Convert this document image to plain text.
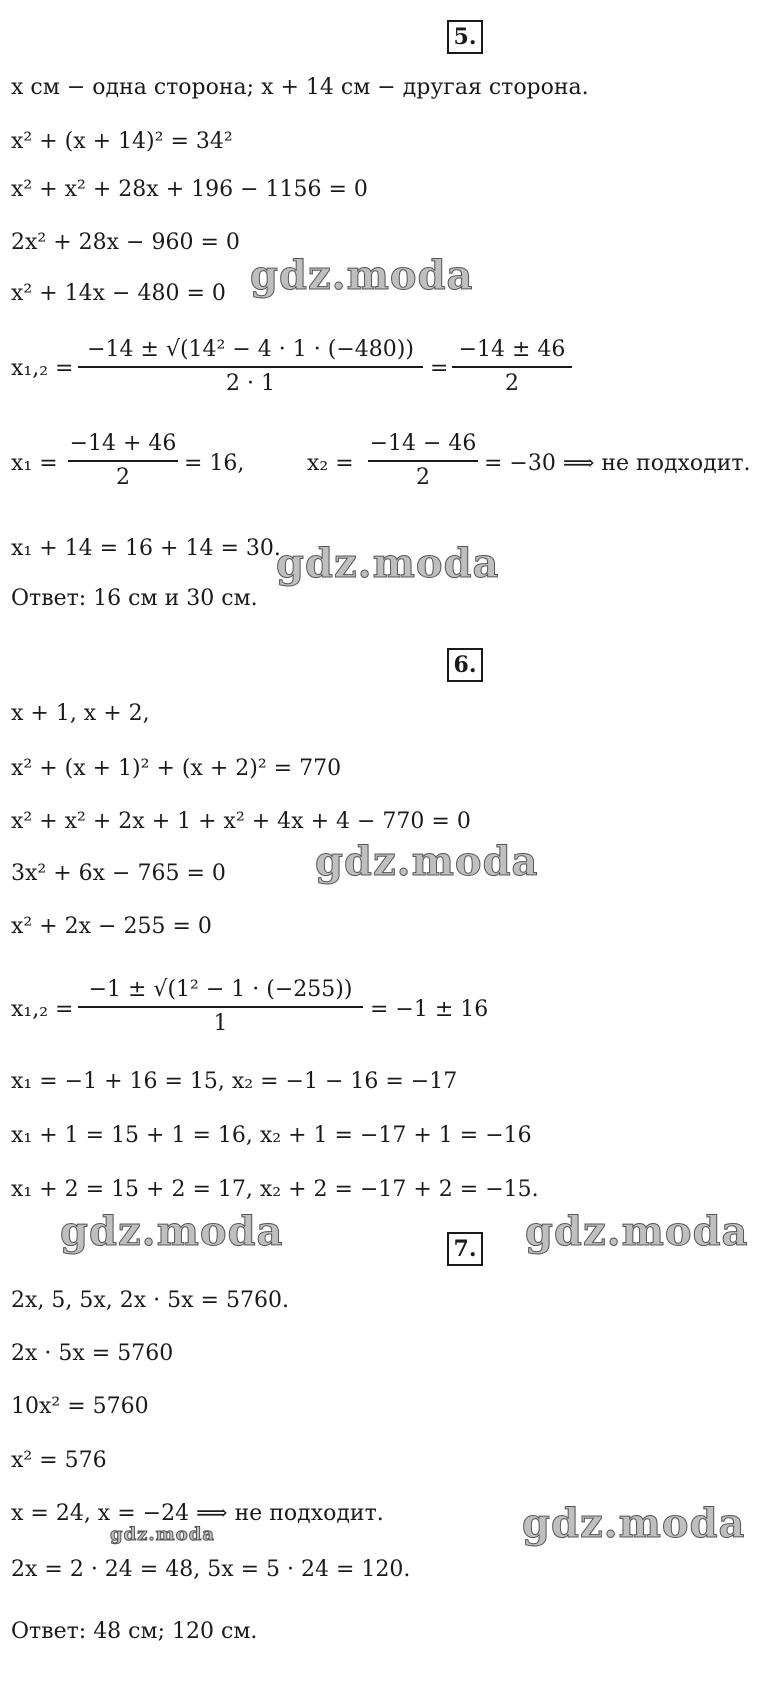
5.
x см − одна сторона; x + 14 см − другая сторона.
x² + (x + 14)² = 34²
x² + x² + 28x + 196 − 1156 = 0
2x² + 28x − 960 = 0
x² + 14x − 480 = 0
x₁,₂ =
−14 ± √(14² − 4 · 1 · (−480))
2 · 1
=
−14 ± 46
2
x₁ =
−14 + 46
2
= 16,	x₂ =
−14 − 46
2
= −30 ⟹ не подходит.
x₁ + 14 = 16 + 14 = 30.
Ответ: 16 см и 30 см.
6.
x + 1, x + 2,
x² + (x + 1)² + (x + 2)² = 770
x² + x² + 2x + 1 + x² + 4x + 4 − 770 = 0
3x² + 6x − 765 = 0
x² + 2x − 255 = 0
x₁,₂ =
−1 ± √(1² − 1 · (−255))
1
= −1 ± 16
x₁ = −1 + 16 = 15, x₂ = −1 − 16 = −17
x₁ + 1 = 15 + 1 = 16, x₂ + 1 = −17 + 1 = −16
x₁ + 2 = 15 + 2 = 17, x₂ + 2 = −17 + 2 = −15.
7.
2x, 5, 5x, 2x · 5x = 5760.
2x · 5x = 5760
10x² = 5760
x² = 576
x = 24, x = −24 ⟹ не подходит.
2x = 2 · 24 = 48, 5x = 5 · 24 = 120.
Ответ: 48 см; 120 см.
gdz.moda
gdz.moda
gdz.moda
gdz.moda	gdz.moda
gdz.moda
gdz.moda
